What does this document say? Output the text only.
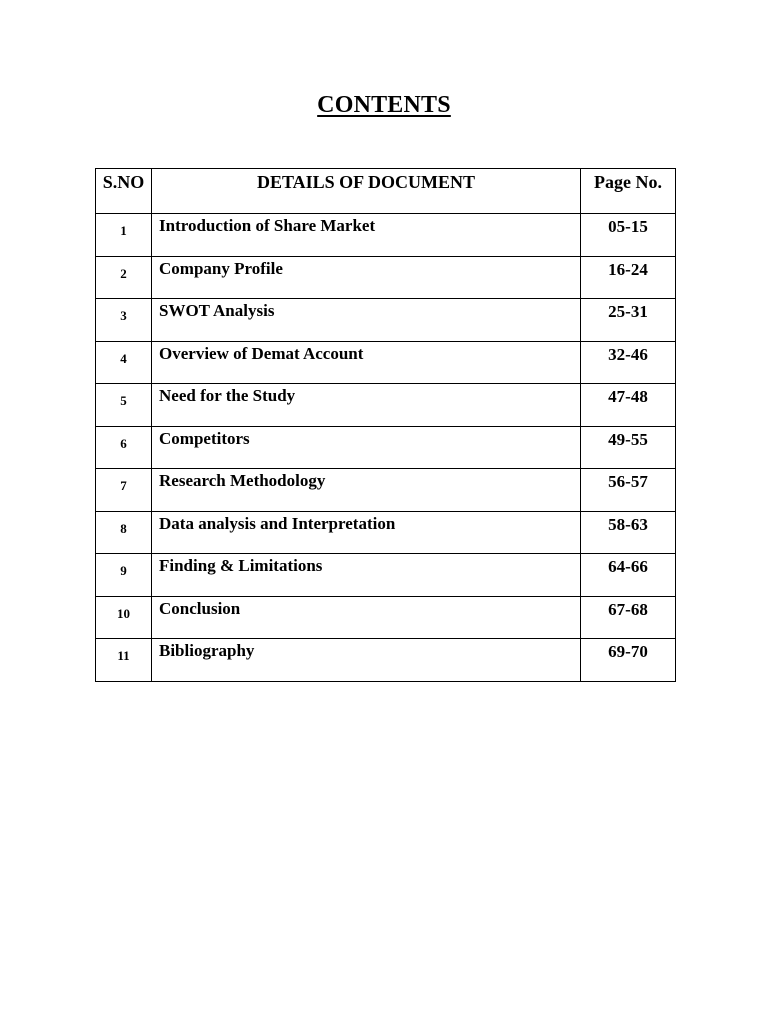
CONTENTS
S.NO	DETAILS OF DOCUMENT	Page No.
1	Introduction of Share Market	05-15
2	Company Profile	16-24
3	SWOT Analysis	25-31
4	Overview of Demat Account	32-46
5	Need for the Study	47-48
6	Competitors	49-55
7	Research Methodology	56-57
8	Data analysis and Interpretation	58-63
9	Finding & Limitations	64-66
10	Conclusion	67-68
11	Bibliography	69-70
